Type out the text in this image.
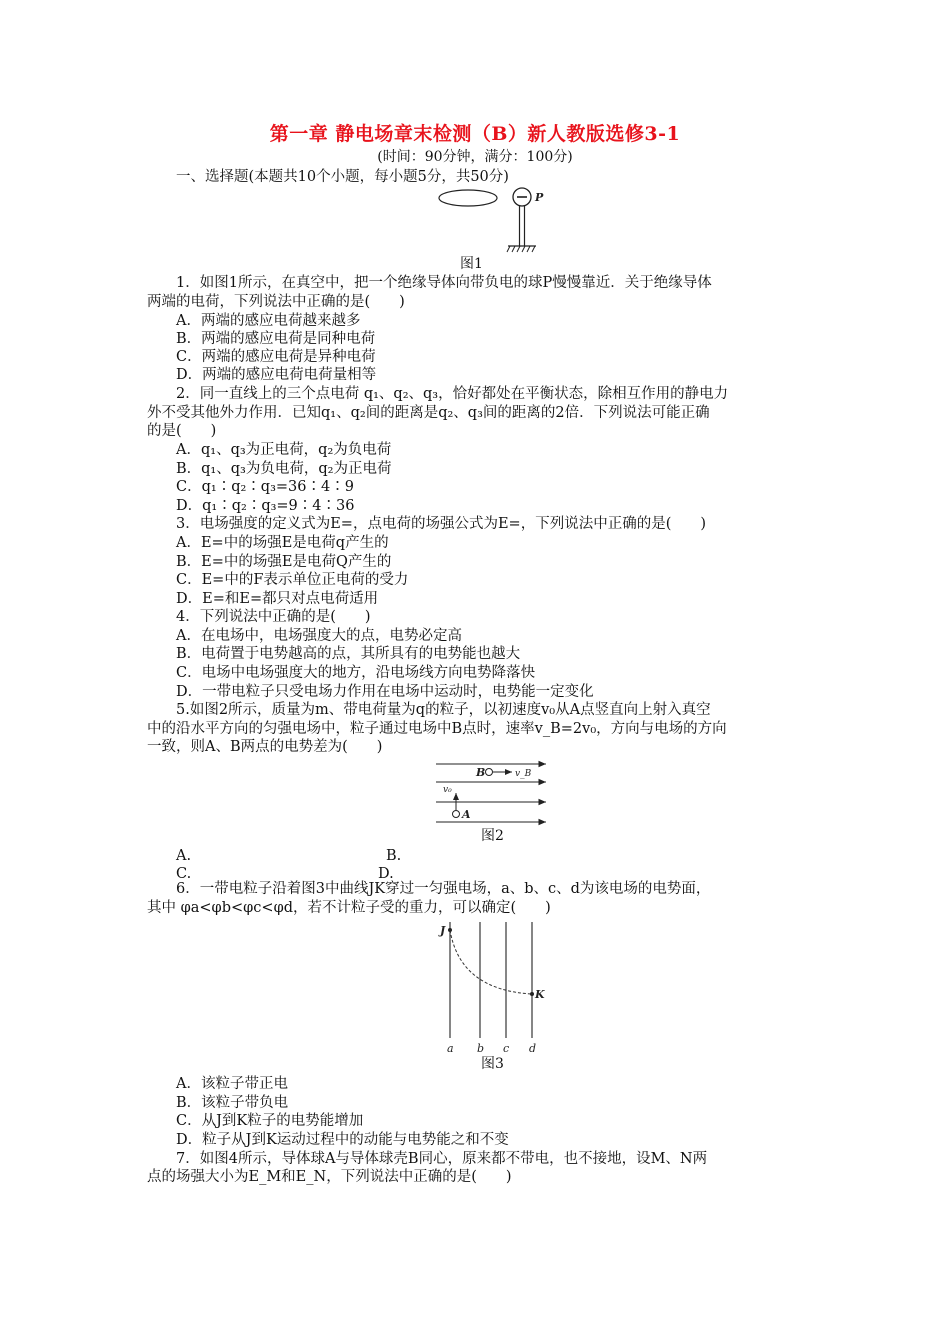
第一章 静电场章末检测（B）新人教版选修3-1
(时间：90分钟，满分：100分)
一、选择题(本题共10个小题，每小题5分，共50分)
P
图1
1．如图1所示，在真空中，把一个绝缘导体向带负电的球P慢慢靠近．关于绝缘导体
两端的电荷，下列说法中正确的是(　　)
A．两端的感应电荷越来越多
B．两端的感应电荷是同种电荷
C．两端的感应电荷是异种电荷
D．两端的感应电荷电荷量相等
2．同一直线上的三个点电荷 q₁、q₂、q₃，恰好都处在平衡状态，除相互作用的静电力
外不受其他外力作用．已知q₁、q₂间的距离是q₂、q₃间的距离的2倍．下列说法可能正确
的是(　　)
A．q₁、q₃为正电荷，q₂为负电荷
B．q₁、q₃为负电荷，q₂为正电荷
C．q₁∶q₂∶q₃=36∶4∶9
D．q₁∶q₂∶q₃=9∶4∶36
3．电场强度的定义式为E=，点电荷的场强公式为E=，下列说法中正确的是(　　)
A．E=中的场强E是电荷q产生的
B．E=中的场强E是电荷Q产生的
C．E=中的F表示单位正电荷的受力
D．E=和E=都只对点电荷适用
4．下列说法中正确的是(　　)
A．在电场中，电场强度大的点，电势必定高
B．电荷置于电势越高的点，其所具有的电势能也越大
C．电场中电场强度大的地方，沿电场线方向电势降落快
D．一带电粒子只受电场力作用在电场中运动时，电势能一定变化
5.如图2所示，质量为m、带电荷量为q的粒子，以初速度v₀从A点竖直向上射入真空
中的沿水平方向的匀强电场中，粒子通过电场中B点时，速率v_B=2v₀，方向与电场的方向
一致，则A、B两点的电势差为(　　)
B	v_B
v₀
A
图2
A.	B.
C.	D.
6．一带电粒子沿着图3中曲线JK穿过一匀强电场，a、b、c、d为该电场的电势面，
其中 φa<φb<φc<φd，若不计粒子受的重力，可以确定(　　)
J
K
a b c d
图3
A．该粒子带正电
B．该粒子带负电
C．从J到K粒子的电势能增加
D．粒子从J到K运动过程中的动能与电势能之和不变
7．如图4所示，导体球A与导体球壳B同心，原来都不带电，也不接地，设M、N两
点的场强大小为E_M和E_N，下列说法中正确的是(　　)
